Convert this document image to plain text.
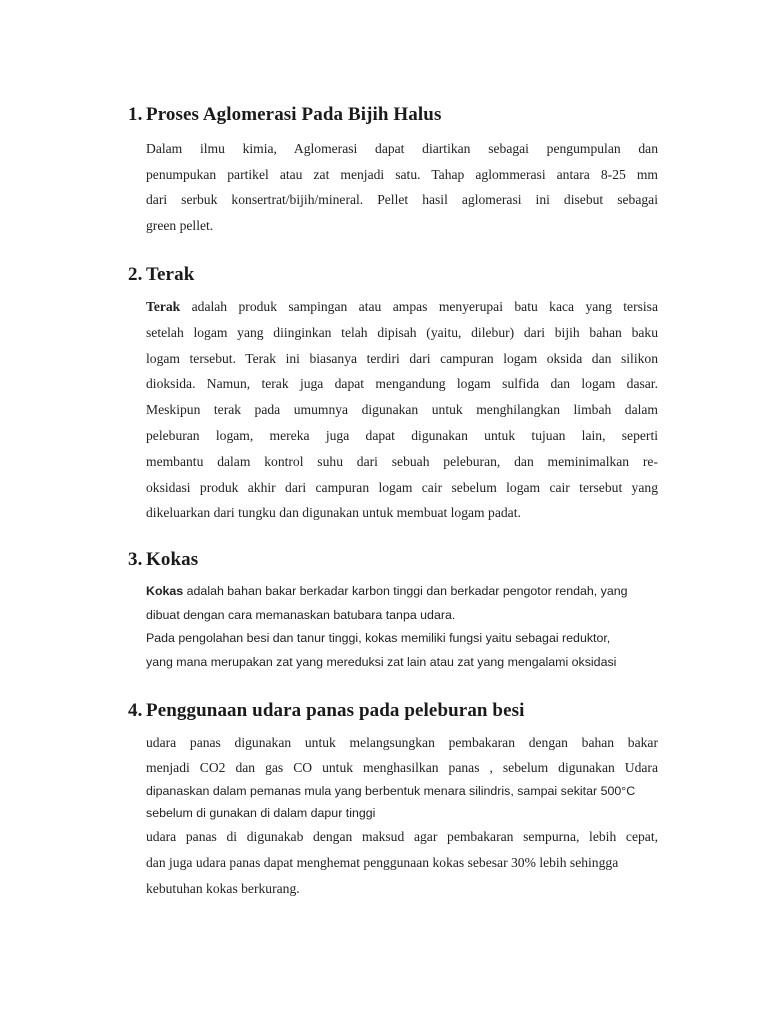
1. Proses Aglomerasi Pada Bijih Halus
Dalam ilmu kimia, Aglomerasi dapat diartikan sebagai pengumpulan dan
penumpukan partikel atau zat menjadi satu. Tahap aglommerasi antara 8-25 mm
dari serbuk konsertrat/bijih/mineral. Pellet hasil aglomerasi ini disebut sebagai
green pellet.
2. Terak
Terak adalah produk sampingan atau ampas menyerupai batu kaca yang tersisa
setelah logam yang diinginkan telah dipisah (yaitu, dilebur) dari bijih bahan baku
logam tersebut. Terak ini biasanya terdiri dari campuran logam oksida dan silikon
dioksida. Namun, terak juga dapat mengandung logam sulfida dan logam dasar.
Meskipun terak pada umumnya digunakan untuk menghilangkan limbah dalam
peleburan logam, mereka juga dapat digunakan untuk tujuan lain, seperti
membantu dalam kontrol suhu dari sebuah peleburan, dan meminimalkan re-
oksidasi produk akhir dari campuran logam cair sebelum logam cair tersebut yang
dikeluarkan dari tungku dan digunakan untuk membuat logam padat.
3. Kokas
Kokas adalah bahan bakar berkadar karbon tinggi dan berkadar pengotor rendah, yang
dibuat dengan cara memanaskan batubara tanpa udara.
Pada pengolahan besi dan tanur tinggi, kokas memiliki fungsi yaitu sebagai reduktor,
yang mana merupakan zat yang mereduksi zat lain atau zat yang mengalami oksidasi
4. Penggunaan udara panas pada peleburan besi
udara panas digunakan untuk melangsungkan pembakaran dengan bahan bakar
menjadi CO2 dan gas CO untuk menghasilkan panas , sebelum digunakan Udara
dipanaskan dalam pemanas mula yang berbentuk menara silindris, sampai sekitar 500°C
sebelum di gunakan di dalam dapur tinggi
udara panas di digunakab dengan maksud agar pembakaran sempurna, lebih cepat,
dan juga udara panas dapat menghemat penggunaan kokas sebesar 30% lebih sehingga
kebutuhan kokas berkurang.
